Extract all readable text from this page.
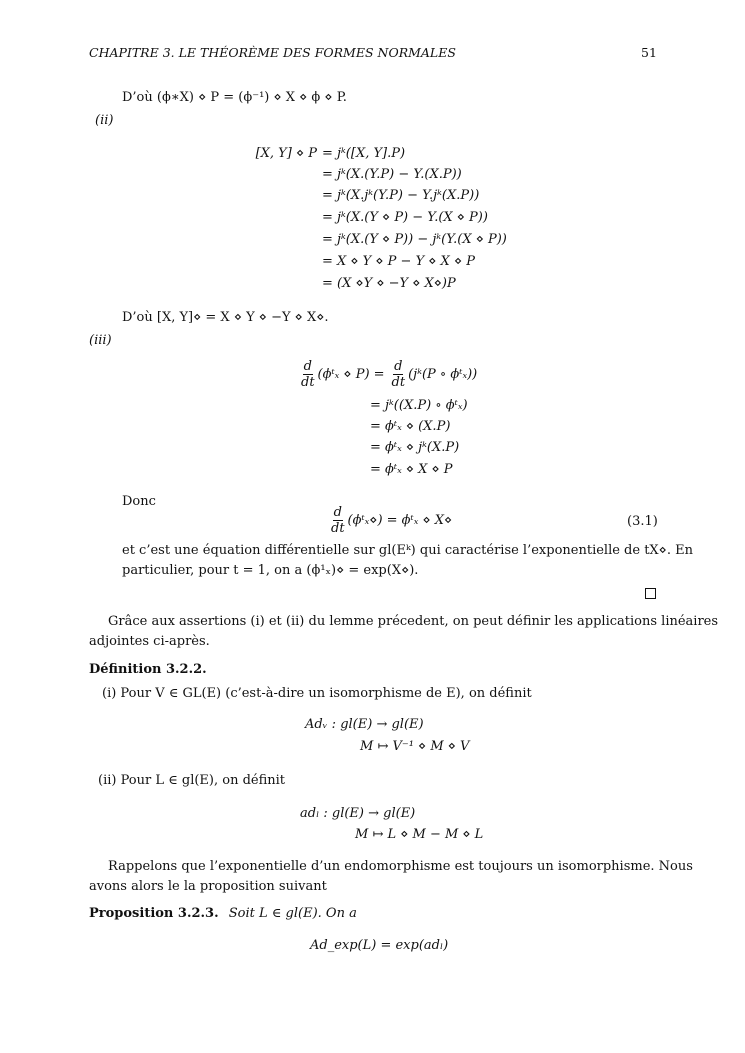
CHAPITRE 3. LE THÉORÈME DES FORMES NORMALES	51
D’où (ϕ∗X) ⋄ P = (ϕ⁻¹) ⋄ X ⋄ ϕ ⋄ P.
(ii)
[X, Y] ⋄ P = jᵏ([X, Y].P)
= jᵏ(X.(Y.P) − Y.(X.P))
= jᵏ(X.jᵏ(Y.P) − Y.jᵏ(X.P))
= jᵏ(X.(Y ⋄ P) − Y.(X ⋄ P))
= jᵏ(X.(Y ⋄ P)) − jᵏ(Y.(X ⋄ P))
= X ⋄ Y ⋄ P − Y ⋄ X ⋄ P
= (X ⋄Y ⋄ −Y ⋄ X⋄)P
D’où [X, Y]⋄ = X ⋄ Y ⋄ −Y ⋄ X⋄.
(iii)
$\frac{d}{dt}$ (ϕᵗₓ ⋄ $P) = \frac{d}{dt}$ (jᵏ(P ∘ ϕᵗₓ))
= jᵏ((X.P) ∘ ϕᵗₓ)
= ϕᵗₓ ⋄ (X.P)
= ϕᵗₓ ⋄ jᵏ(X.P)
= ϕᵗₓ ⋄ X ⋄ P
Donc
$\frac{d}{dt}$ (ϕᵗₓ⋄) = ϕᵗₓ ⋄ X⋄	(3.1)
et c’est une équation différentielle sur gl(Eᵏ) qui caractérise l’exponentielle de tX⋄. En
particulier, pour t = 1, on a (ϕ¹ₓ)⋄ = exp(X⋄).
Grâce aux assertions (i) et (ii) du lemme précedent, on peut définir les applications linéaires
adjointes ci-après.
Définition 3.2.2.
(i) Pour V ∈ GL(E) (c’est-à-dire un isomorphisme de E), on définit
Adᵥ : gl(E) → gl(E)
M ↦ V⁻¹ ⋄ M ⋄ V
(ii) Pour L ∈ gl(E), on définit
adₗ : gl(E) → gl(E)
M ↦ L ⋄ M − M ⋄ L
Rappelons que l’exponentielle d’un endomorphisme est toujours un isomorphisme. Nous
avons alors le la proposition suivant
Proposition 3.2.3. Soit L ∈ gl(E). On a
Ad_exp(L) = exp(adₗ)
